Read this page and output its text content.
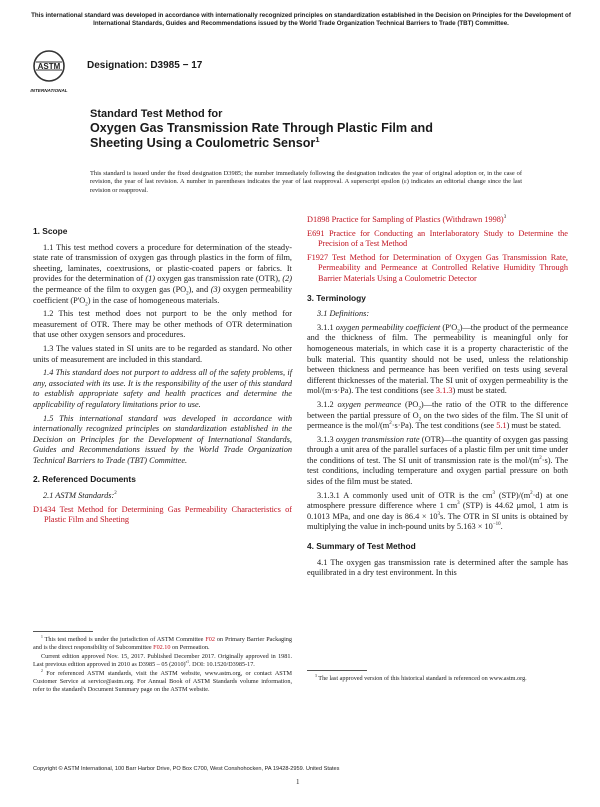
This international standard was developed in accordance with internationally recognized principles on standardization established in the Decision on Principles for the Development of International Standards, Guides and Recommendations issued by the World Trade Organization Technical Barriers to Trade (TBT) Committee.
ASTM
INTERNATIONAL
Designation: D3985 − 17
Standard Test Method for
Oxygen Gas Transmission Rate Through Plastic Film and
Sheeting Using a Coulometric Sensor$^1$
This standard is issued under the fixed designation D3985; the number immediately following the designation indicates the year of original adoption or, in the case of revision, the year of last revision. A number in parentheses indicates the year of last reapproval. A superscript epsilon (ε) indicates an editorial change since the last revision or reapproval.
1. Scope

1.1 This test method covers a procedure for determination of the steady-state rate of transmission of oxygen gas through plastics in the form of film, sheeting, laminates, coextrusions, or plastic-coated papers or fabrics. It provides for the determination of (1) oxygen gas transmission rate (OTR), (2) the permeance of the film to oxygen gas $(PO_2)$, and (3) oxygen permeability coefficient $(P'O_2)$ in the case of homogeneous materials.

1.2 This test method does not purport to be the only method for measurement of OTR. There may be other methods of OTR determination that use other oxygen sensors and procedures.

1.3 The values stated in SI units are to be regarded as standard. No other units of measurement are included in this standard.

1.4 This standard does not purport to address all of the safety problems, if any, associated with its use. It is the responsibility of the user of this standard to establish appropriate safety and health practices and determine the applicability of regulatory limitations prior to use.

1.5 This international standard was developed in accordance with internationally recognized principles on standardization established in the Decision on Principles for the Development of International Standards, Guides and Recommendations issued by the World Trade Organization Technical Barriers to Trade (TBT) Committee.

2. Referenced Documents

2.1 ASTM Standards:$^2$

D1434 Test Method for Determining Gas Permeability Characteristics of Plastic Film and Sheeting

D1898 Practice for Sampling of Plastics (Withdrawn 1998)$^3$

E691 Practice for Conducting an Interlaboratory Study to Determine the Precision of a Test Method

F1927 Test Method for Determination of Oxygen Gas Transmission Rate, Permeability and Permeance at Controlled Relative Humidity Through Barrier Materials Using a Coulometric Detector

3. Terminology

3.1 Definitions:

3.1.1 oxygen permeability coefficient $(P'O_2)—the$ product of the permeance and the thickness of film. The permeability is meaningful only for homogeneous materials, in which case it is a property characteristic of the bulk material. This quantity should not be used, unless the relationship between thickness and permeance has been verified on tests using several different thicknesses of the material. The SI unit of oxygen permeability is the mol/(m·s·Pa). The test conditions (see 3.1.3) must be stated.

3.1.2 oxygen permeance $(PO_2)—the$ ratio of the OTR to the difference between the partial pressure of $O_2$ on the two sides of the film. The SI unit of permeance is the mol/$(m^2\cdot s\cdot Pa)$. The test conditions (see 5.1) must be stated.

3.1.3 oxygen transmission rate (OTR)—the quantity of oxygen gas passing through a unit area of the parallel surfaces of a plastic film per unit time under the conditions of test. The SI unit of transmission rate is the mol/$(m^2\cdot s)$. The test conditions, including temperature and oxygen partial pressure on both sides of the film must be stated.

3.1.3.1 A commonly used unit of OTR is the $cm^3$ $(STP)/(m^2\cdot d)$ at one atmosphere pressure difference where 1 $cm^3$ (STP) is 44.62 μmol, 1 atm is 0.1013 MPa, and one day is $86.4 \times 10^3s$. The OTR in SI units is obtained by multiplying the value in inch-pound units by $5.163 \times 10^{-10}$.

4. Summary of Test Method

4.1 The oxygen gas transmission rate is determined after the sample has equilibrated in a dry test environment. In this

$^1$ This test method is under the jurisdiction of ASTM Committee F02 on Primary Barrier Packaging and is the direct responsibility of Subcommittee F02.10 on Permeation.

Current edition approved Nov. 15, 2017. Published December 2017. Originally approved in 1981. Last previous edition approved in 2010 as D3985 – 05 $(2010)^{\varepsilon 1}$. DOI: 10.1520/D3985-17.

$^2$ For referenced ASTM standards, visit the ASTM website, www.astm.org, or contact ASTM Customer Service at service@astm.org. For Annual Book of ASTM Standards volume information, refer to the standard's Document Summary page on the ASTM website.

$^3$ The last approved version of this historical standard is referenced on www.astm.org.

Copyright © ASTM International, 100 Barr Harbor Drive, PO Box C700, West Conshohocken, PA 19428-2959. United States
1
